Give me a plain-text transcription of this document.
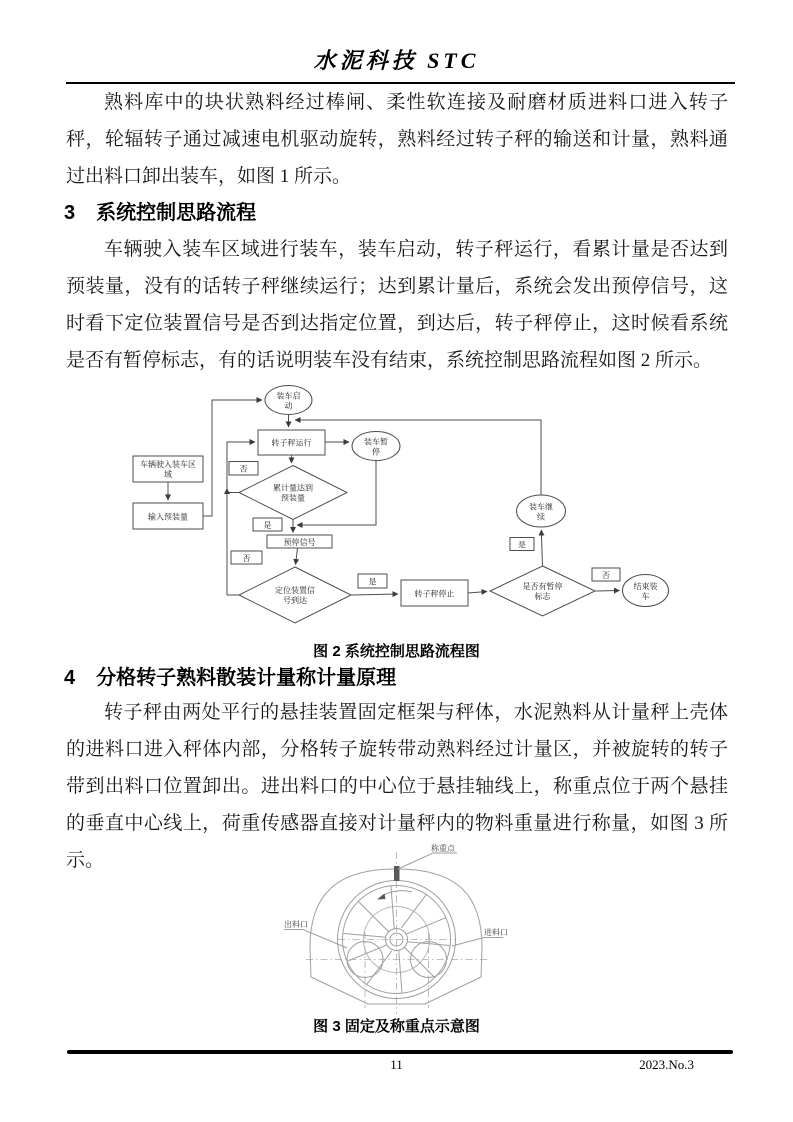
水泥科技 STC
熟料库中的块状熟料经过棒闸、柔性软连接及耐磨材质进料口进入转子秤，轮辐转子通过减速电机驱动旋转，熟料经过转子秤的输送和计量，熟料通过出料口卸出装车，如图 1 所示。
3 系统控制思路流程
车辆驶入装车区域进行装车，装车启动，转子秤运行，看累计量是否达到预装量，没有的话转子秤继续运行；达到累计量后，系统会发出预停信号，这时看下定位装置信号是否到达指定位置，到达后，转子秤停止，这时候看系统是否有暂停标志，有的话说明装车没有结束，系统控制思路流程如图 2 所示。
装车启
动
转子秤运行	装车暂
停
车辆驶入装车区
域
输入预装量
累计量达到
预装量
否
是
预停信号
否
定位装置信
号到达
是
转子秤停止
是否有暂停
标志
是
装车继
续
否
结束装
车
图 2 系统控制思路流程图
4 分格转子熟料散装计量称计量原理
转子秤由两处平行的悬挂装置固定框架与秤体，水泥熟料从计量秤上壳体的进料口进入秤体内部，分格转子旋转带动熟料经过计量区，并被旋转的转子带到出料口位置卸出。进出料口的中心位于悬挂轴线上，称重点位于两个悬挂的垂直中心线上，荷重传感器直接对计量秤内的物料重量进行称量，如图 3 所示。
称重点
出料口
进料口
图 3 固定及称重点示意图
11	2023.No.3
